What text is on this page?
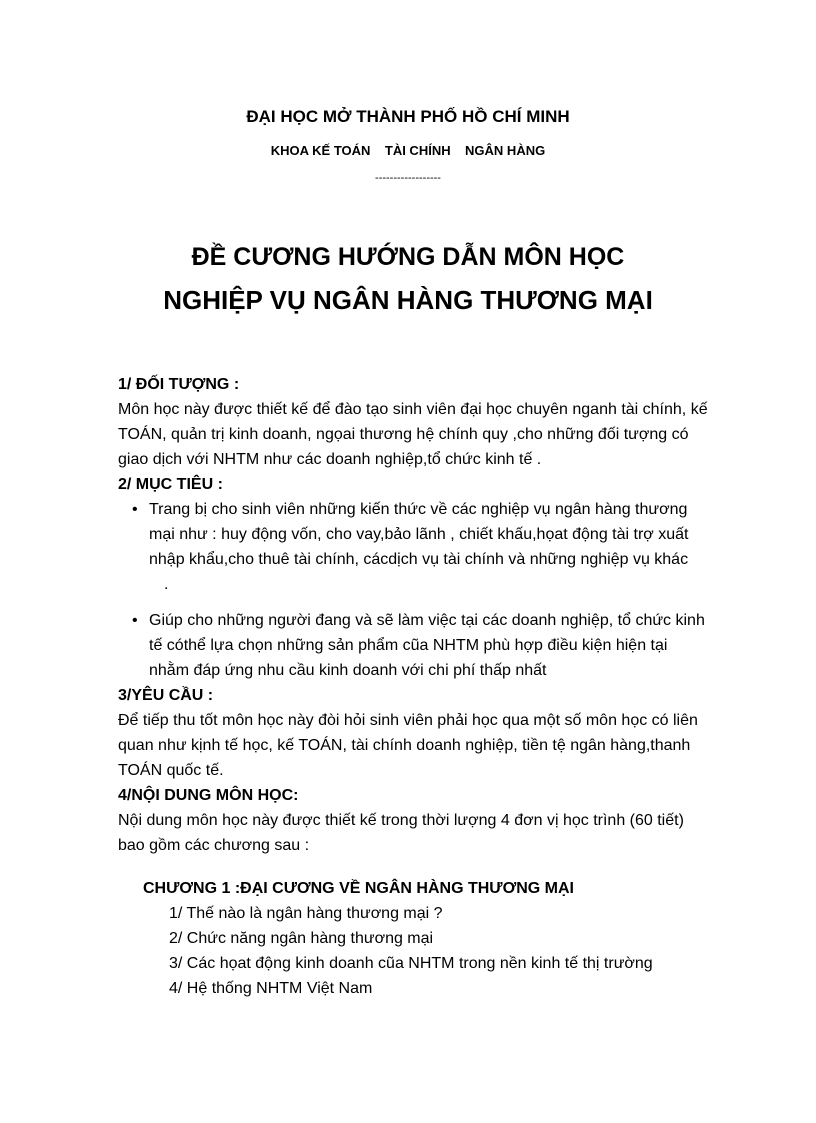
ĐẠI HỌC MỞ THÀNH PHỐ HỒ CHÍ MINH
KHOA KẾ TOÁN    TÀI CHÍNH    NGÂN HÀNG
------------------
ĐỀ CƯƠNG HƯỚNG DẪN MÔN HỌC
NGHIỆP VỤ NGÂN HÀNG THƯƠNG MẠI

1/ ĐỐI TƯỢNG :

Môn học này được thiết kế để đào tạo sinh viên đại học chuyên nganh tài chính, kế TOÁN, quản trị kinh doanh, ngọai thương hệ chính quy ,cho những đối tượng có giao dịch với NHTM như các doanh nghiệp,tổ chức kinh tế .

2/ MỤC TIÊU :

• Trang bị cho sinh viên những kiến thức về các nghiệp vụ ngân hàng thương mại như : huy động vốn, cho vay,bảo lãnh , chiết khấu,họat động tài trợ xuất nhập khẩu,cho thuê tài chính, cácdịch vụ tài chính và những nghiệp vụ khác

.

• Giúp cho những người đang và sẽ làm việc tại các doanh nghiệp, tổ chức kinh tế cóthể lựa chọn những sản phẩm cũa NHTM phù hợp điều kiện hiện tại nhằm đáp ứng nhu cầu kinh doanh với chi phí thấp nhất

3/YÊU CẦU :

Để tiếp thu tốt môn học này đòi hỏi sinh viên phải học qua một số môn học có liên quan như kịnh tế học, kế TOÁN, tài chính doanh nghiệp, tiền tệ ngân hàng,thanh TOÁN quốc tế.

4/NỘI DUNG MÔN HỌC:

Nội dung môn học này được thiết kế trong thời lượng 4 đơn vị học trình (60 tiết) bao gồm các chương sau :

CHƯƠNG 1 :ĐẠI CƯƠNG VỀ NGÂN HÀNG THƯƠNG MẠI

1/ Thế nào là ngân hàng thương mại ?
2/ Chức năng ngân hàng thương mại
3/ Các họat động kinh doanh cũa NHTM trong nền kinh tế thị trường
4/ Hệ thống NHTM Việt Nam
